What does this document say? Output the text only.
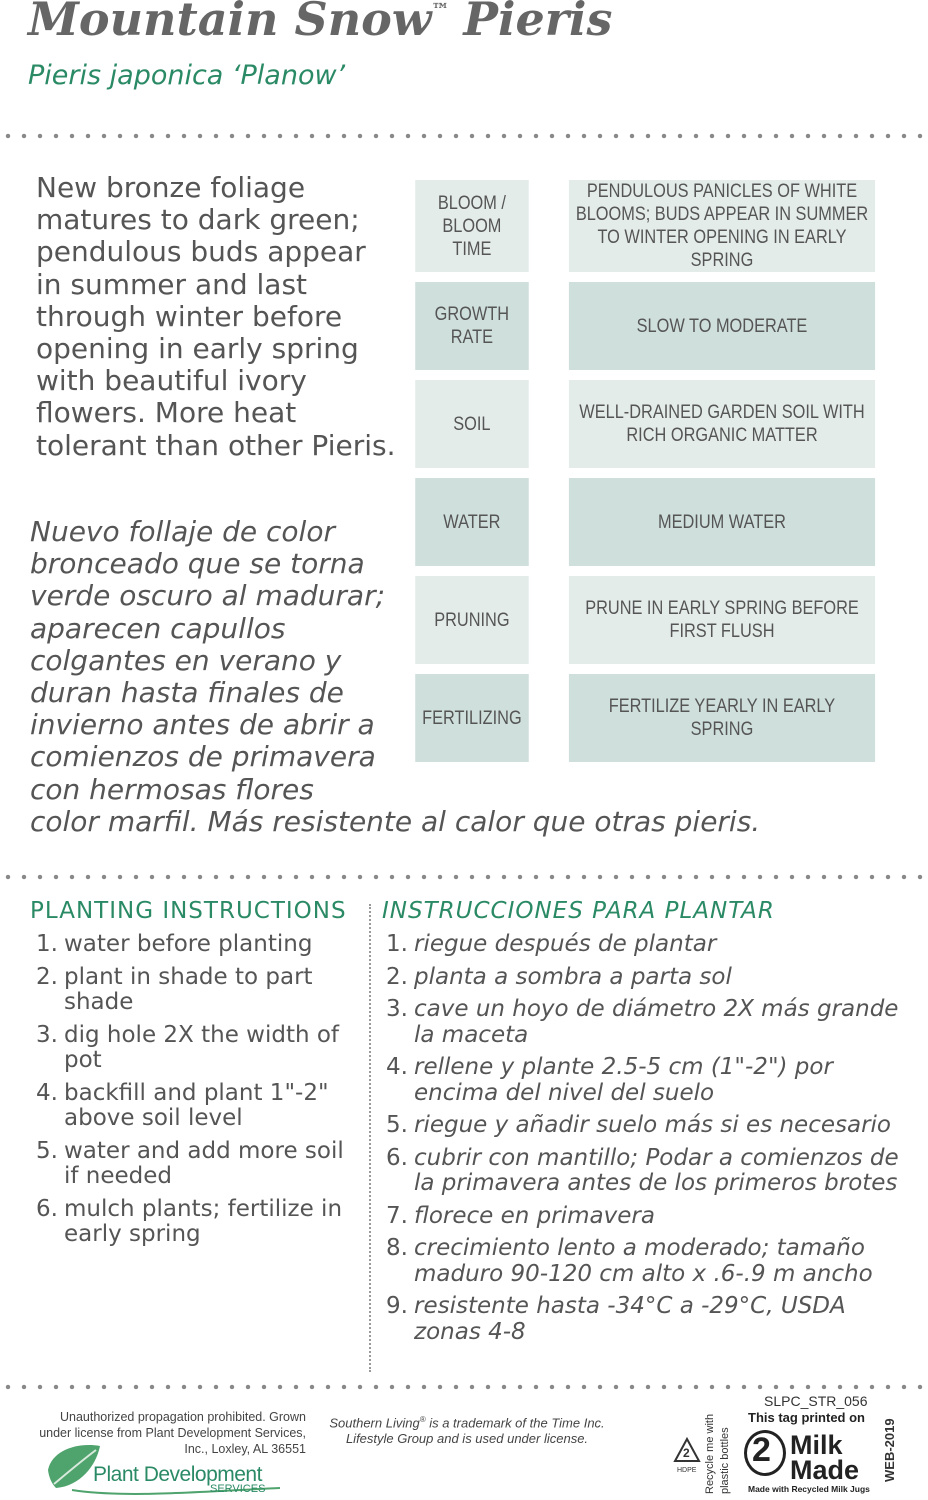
Mountain Snow™ Pieris
Pieris japonica ‘Planow’
New bronze foliage matures to dark green; pendulous buds appear in summer and last through winter before opening in early spring with beautiful ivory flowers. More heat tolerant than other Pieris.
Nuevo follaje de color
bronceado que se torna
verde oscuro al madurar;
aparecen capullos
colgantes en verano y
duran hasta finales de
invierno antes de abrir a
comienzos de primavera
con hermosas flores
color marfil. Más resistente al calor que otras pieris.
BLOOM / BLOOM TIME	PENDULOUS PANICLES OF WHITE BLOOMS; BUDS APPEAR IN SUMMER TO WINTER OPENING IN EARLY SPRING
GROWTH RATE	SLOW TO MODERATE
SOIL	WELL-DRAINED GARDEN SOIL WITH RICH ORGANIC MATTER
WATER	MEDIUM WATER
PRUNING	PRUNE IN EARLY SPRING BEFORE FIRST FLUSH
FERTILIZING	FERTILIZE YEARLY IN EARLY SPRING
PLANTING INSTRUCTIONS
1. water before planting
2. plant in shade to part shade
3. dig hole 2X the width of pot
4. backfill and plant 1"-2" above soil level
5. water and add more soil if needed
6. mulch plants; fertilize in early spring
INSTRUCCIONES PARA PLANTAR
1. riegue después de plantar
2. planta a sombra a parta sol
3. cave un hoyo de diámetro 2X más grande la maceta
4. rellene y plante 2.5-5 cm (1"-2") por encima del nivel del suelo
5. riegue y añadir suelo más si es necesario
6. cubrir con mantillo; Podar a comienzos de la primavera antes de los primeros brotes
7. florece en primavera
8. crecimiento lento a moderado; tamaño maduro 90-120 cm alto x .6-.9 m ancho
9. resistente hasta -34°C a -29°C, USDA zonas 4-8
Unauthorized propagation prohibited. Grown under license from Plant Development Services, Inc., Loxley, AL 36551
Plant Development
SERVICES
Southern Living® is a trademark of the Time Inc. Lifestyle Group and is used under license.
2
HDPE Recycle me with plastic bottles
SLPC_STR_056
This tag printed on
2 Milk
Made
Made with Recycled Milk Jugs
WEB-2019
